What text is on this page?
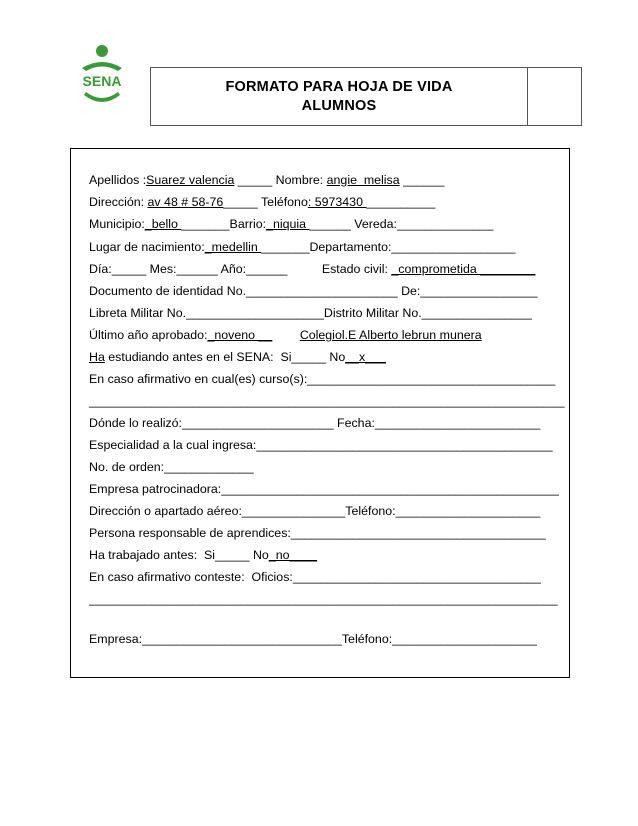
SENA	FORMATO PARA HOJA DE VIDA
ALUMNOS

Apellidos :Suarez valencia _____ Nombre: angie  melisa ______
Dirección: av 48 # 58-76_____ Teléfono: 5973430 __________
Municipio:_bello _______Barrio:_niquia ______ Vereda:______________
Lugar de nacimiento:_medellin _______Departamento:__________________
Día:_____ Mes:______ Año:______          Estado civil: _comprometida ________
Documento de identidad No.______________________ De:_________________
Libreta Militar No.____________________Distrito Militar No.________________
Último año aprobado:_noveno __ Colegiol.E Alberto lebrun munera
Ha estudiando antes en el SENA:  Si_____ No__x___
En caso afirmativo en cual(es) curso(s):____________________________________
_____________________________________________________________________
Dónde lo realizó:______________________ Fecha:________________________
Especialidad a la cual ingresa:___________________________________________
No. de orden:_____________
Empresa patrocinadora:_________________________________________________
Dirección o apartado aéreo:_______________Teléfono:_____________________
Persona responsable de aprendices:_____________________________________
Ha trabajado antes:  Si_____ No_no____
En caso afirmativo conteste:  Oficios:____________________________________
____________________________________________________________________
Empresa:_____________________________Teléfono:_____________________
